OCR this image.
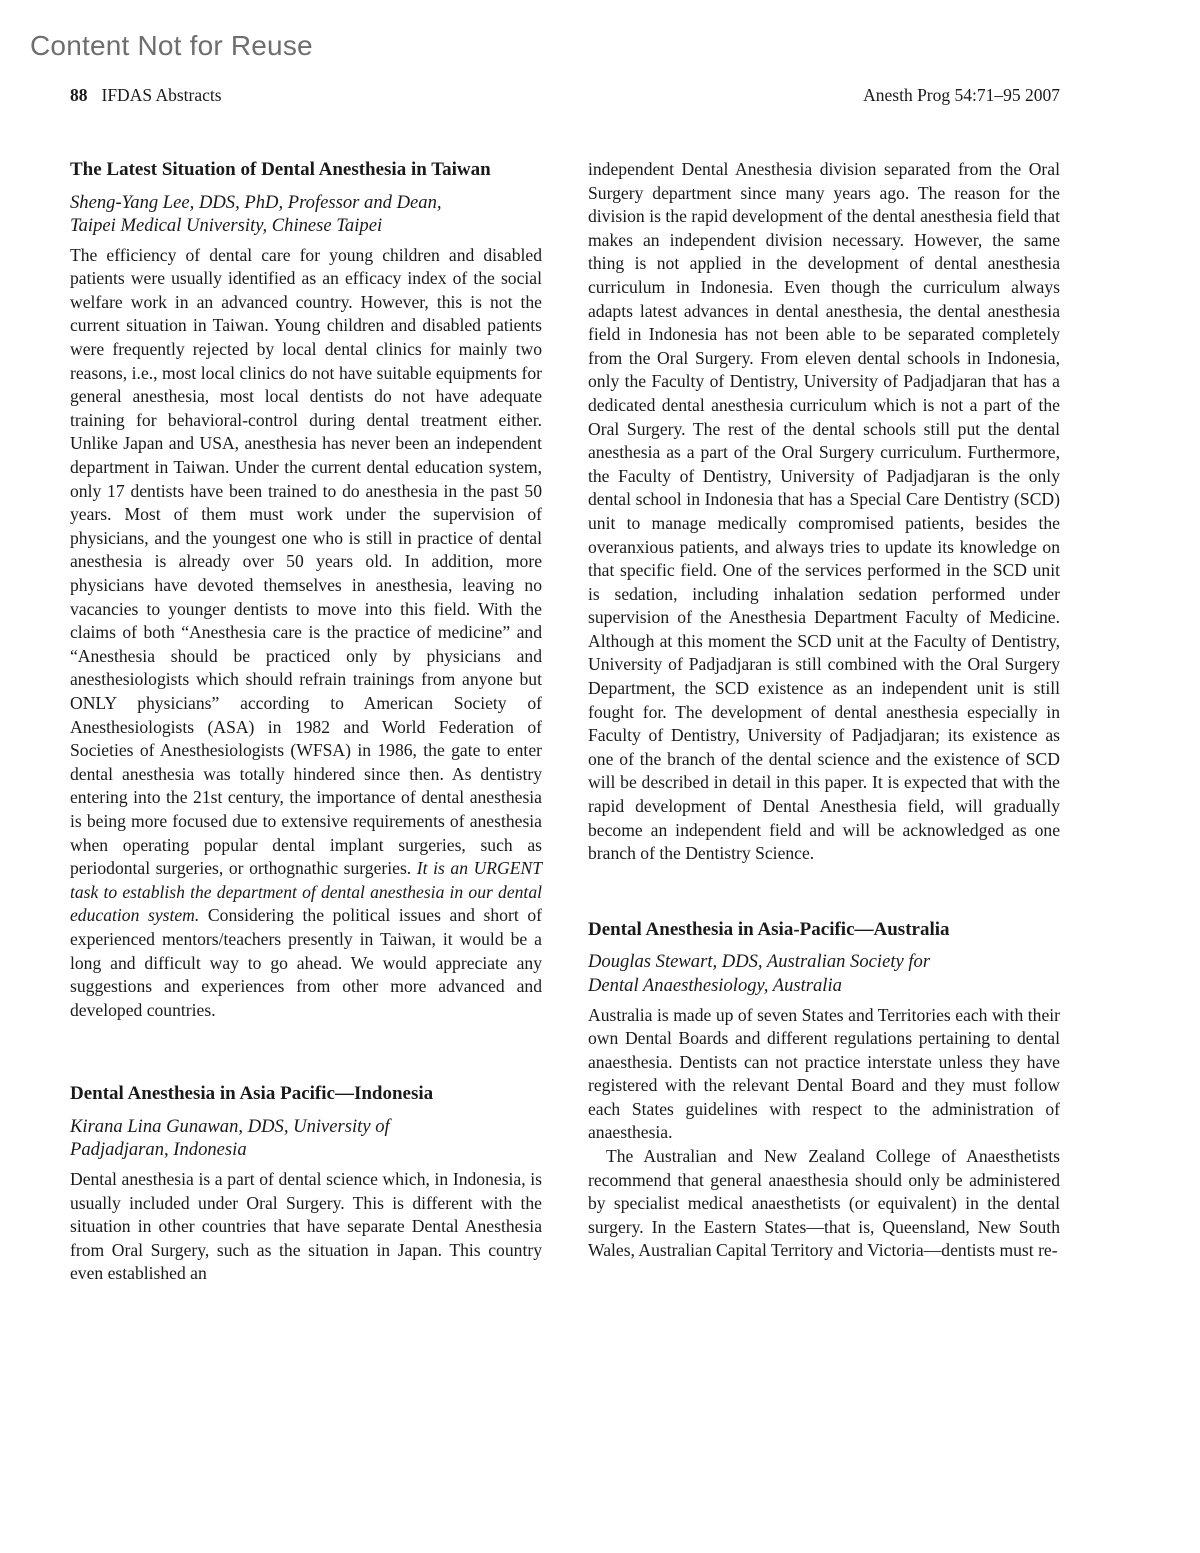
Content Not for Reuse
88 IFDAS Abstracts	Anesth Prog 54:71–95 2007
The Latest Situation of Dental Anesthesia in Taiwan
Sheng-Yang Lee, DDS, PhD, Professor and Dean,
Taipei Medical University, Chinese Taipei

The efficiency of dental care for young children and disabled patients were usually identified as an efficacy index of the social welfare work in an advanced country. However, this is not the current situation in Taiwan. Young children and disabled patients were frequently rejected by local dental clinics for mainly two reasons, i.e., most local clinics do not have suitable equipments for general anesthesia, most local dentists do not have adequate training for behavioral-control during dental treatment either. Unlike Japan and USA, anesthesia has never been an independent department in Taiwan. Under the current dental education system, only 17 dentists have been trained to do anesthesia in the past 50 years. Most of them must work under the supervision of physicians, and the youngest one who is still in practice of dental anesthesia is already over 50 years old. In addition, more physicians have devoted themselves in anesthesia, leaving no vacancies to younger dentists to move into this field. With the claims of both “Anesthesia care is the practice of medicine” and “Anesthesia should be practiced only by physicians and anesthesiologists which should refrain trainings from anyone but ONLY physicians” according to American Society of Anesthesiologists (ASA) in 1982 and World Federation of Societies of Anesthesiologists (WFSA) in 1986, the gate to enter dental anesthesia was totally hindered since then. As dentistry entering into the 21st century, the importance of dental anesthesia is being more focused due to extensive requirements of anesthesia when operating popular dental implant surgeries, such as periodontal surgeries, or orthognathic surgeries. It is an URGENT task to establish the department of dental anesthesia in our dental education system. Considering the political issues and short of experienced mentors/teachers presently in Taiwan, it would be a long and difficult way to go ahead. We would appreciate any suggestions and experiences from other more advanced and developed countries.

Dental Anesthesia in Asia Pacific—Indonesia
Kirana Lina Gunawan, DDS, University of
Padjadjaran, Indonesia

Dental anesthesia is a part of dental science which, in Indonesia, is usually included under Oral Surgery. This is different with the situation in other countries that have separate Dental Anesthesia from Oral Surgery, such as the situation in Japan. This country even established an

independent Dental Anesthesia division separated from the Oral Surgery department since many years ago. The reason for the division is the rapid development of the dental anesthesia field that makes an independent division necessary. However, the same thing is not applied in the development of dental anesthesia curriculum in Indonesia. Even though the curriculum always adapts latest advances in dental anesthesia, the dental anesthesia field in Indonesia has not been able to be separated completely from the Oral Surgery. From eleven dental schools in Indonesia, only the Faculty of Dentistry, University of Padjadjaran that has a dedicated dental anesthesia curriculum which is not a part of the Oral Surgery. The rest of the dental schools still put the dental anesthesia as a part of the Oral Surgery curriculum. Furthermore, the Faculty of Dentistry, University of Padjadjaran is the only dental school in Indonesia that has a Special Care Dentistry (SCD) unit to manage medically compromised patients, besides the overanxious patients, and always tries to update its knowledge on that specific field. One of the services performed in the SCD unit is sedation, including inhalation sedation performed under supervision of the Anesthesia Department Faculty of Medicine. Although at this moment the SCD unit at the Faculty of Dentistry, University of Padjadjaran is still combined with the Oral Surgery Department, the SCD existence as an independent unit is still fought for. The development of dental anesthesia especially in Faculty of Dentistry, University of Padjadjaran; its existence as one of the branch of the dental science and the existence of SCD will be described in detail in this paper. It is expected that with the rapid development of Dental Anesthesia field, will gradually become an independent field and will be acknowledged as one branch of the Dentistry Science.

Dental Anesthesia in Asia-Pacific—Australia
Douglas Stewart, DDS, Australian Society for
Dental Anaesthesiology, Australia

Australia is made up of seven States and Territories each with their own Dental Boards and different regulations pertaining to dental anaesthesia. Dentists can not practice interstate unless they have registered with the relevant Dental Board and they must follow each States guidelines with respect to the administration of anaesthesia.

The Australian and New Zealand College of Anaesthetists recommend that general anaesthesia should only be administered by specialist medical anaesthetists (or equivalent) in the dental surgery. In the Eastern States—that is, Queensland, New South Wales, Australian Capital Territory and Victoria—dentists must re-
